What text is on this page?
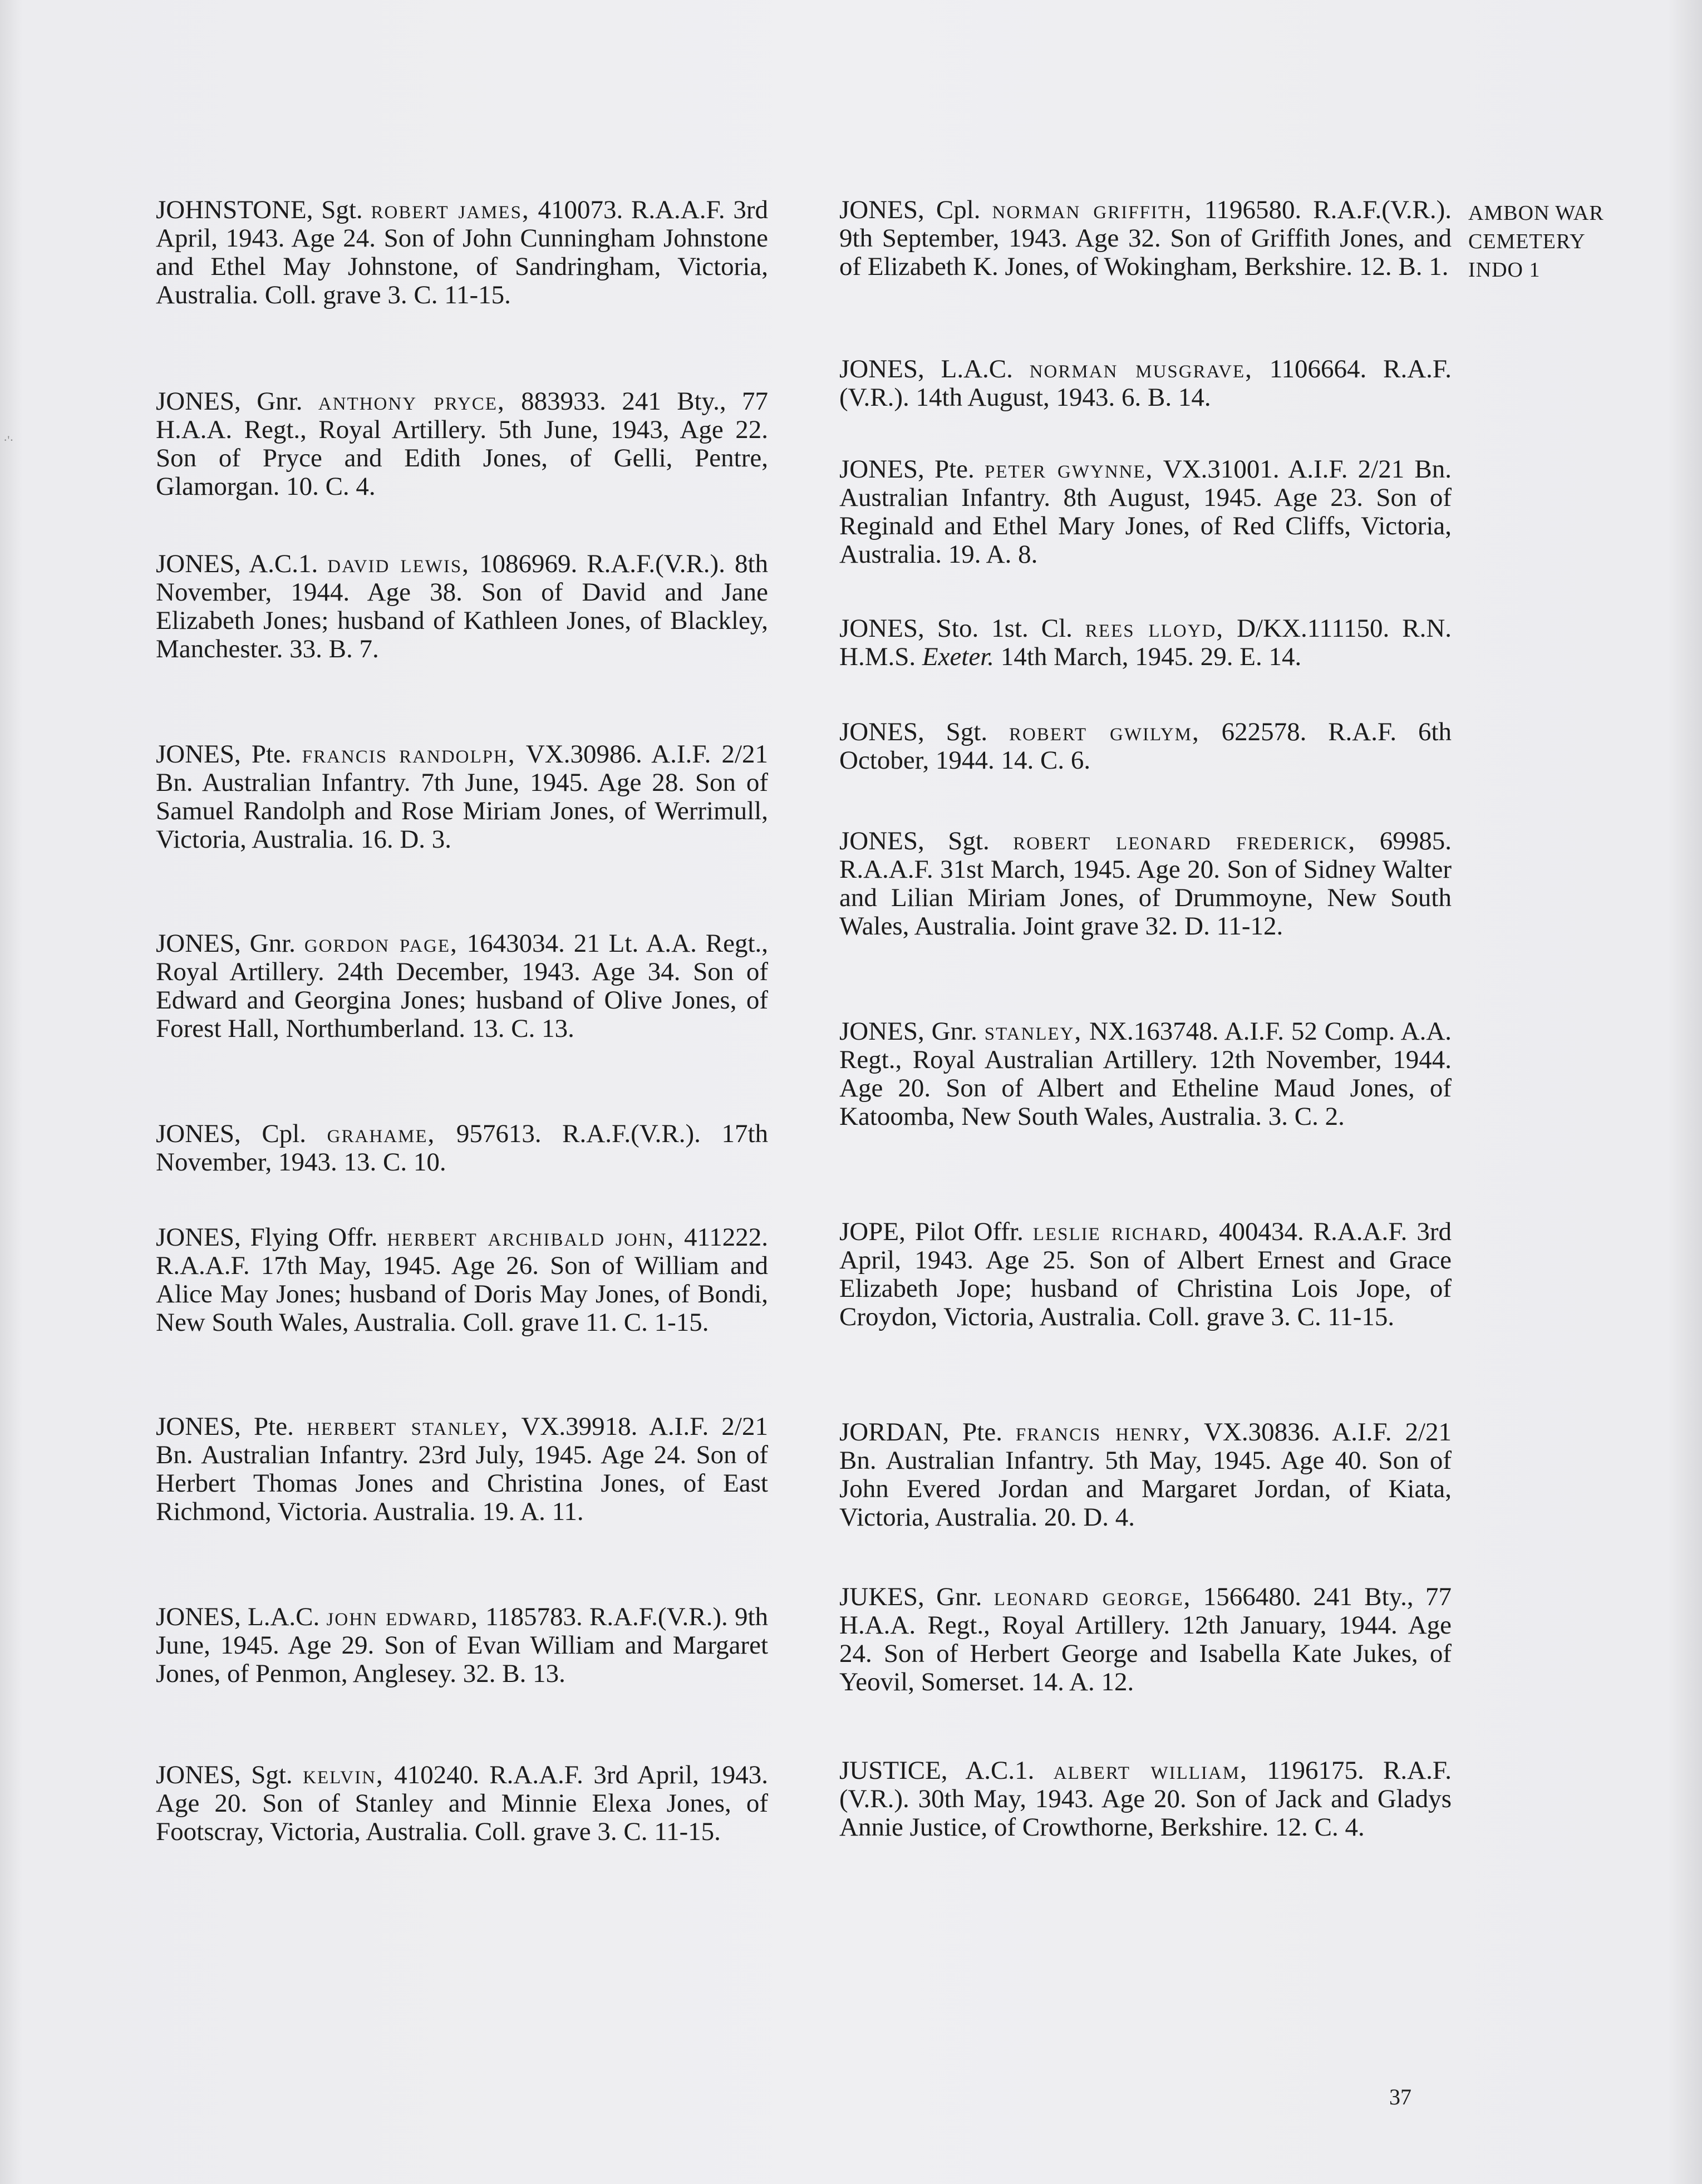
·'·

JOHNSTONE, Sgt. robert james, 410073. R.A.A.F. 3rd April, 1943. Age 24. Son of John Cunningham Johnstone and Ethel May Johnstone, of Sandringham, Victoria, Australia. Coll. grave 3. C. 11-15.

JONES, Gnr. anthony pryce, 883933. 241 Bty., 77 H.A.A. Regt., Royal Artillery. 5th June, 1943, Age 22. Son of Pryce and Edith Jones, of Gelli, Pentre, Glamorgan. 10. C. 4.

JONES, A.C.1. david lewis, 1086969. R.A.F.(V.R.). 8th November, 1944. Age 38. Son of David and Jane Elizabeth Jones; husband of Kathleen Jones, of Blackley, Manchester. 33. B. 7.

JONES, Pte. francis randolph, VX.30986. A.I.F. 2/21 Bn. Australian Infantry. 7th June, 1945. Age 28. Son of Samuel Randolph and Rose Miriam Jones, of Werrimull, Victoria, Australia. 16. D. 3.

JONES, Gnr. gordon page, 1643034. 21 Lt. A.A. Regt., Royal Artillery. 24th December, 1943. Age 34. Son of Edward and Georgina Jones; husband of Olive Jones, of Forest Hall, Northumberland. 13. C. 13.

JONES, Cpl. grahame, 957613. R.A.F.(V.R.). 17th November, 1943. 13. C. 10.

JONES, Flying Offr. herbert archibald john, 411222. R.A.A.F. 17th May, 1945. Age 26. Son of William and Alice May Jones; husband of Doris May Jones, of Bondi, New South Wales, Australia. Coll. grave 11. C. 1-15.

JONES, Pte. herbert stanley, VX.39918. A.I.F. 2/21 Bn. Australian Infantry. 23rd July, 1945. Age 24. Son of Herbert Thomas Jones and Christina Jones, of East Richmond, Victoria. Australia. 19. A. 11.

JONES, L.A.C. john edward, 1185783. R.A.F.(V.R.). 9th June, 1945. Age 29. Son of Evan William and Margaret Jones, of Penmon, Anglesey. 32. B. 13.

JONES, Sgt. kelvin, 410240. R.A.A.F. 3rd April, 1943. Age 20. Son of Stanley and Minnie Elexa Jones, of Footscray, Victoria, Australia. Coll. grave 3. C. 11-15.

JONES, Cpl. norman griffith, 1196580. R.A.F.(V.R.). 9th September, 1943. Age 32. Son of Griffith Jones, and of Elizabeth K. Jones, of Wokingham, Berkshire. 12. B. 1.

JONES, L.A.C. norman musgrave, 1106664. R.A.F.(V.R.). 14th August, 1943. 6. B. 14.

JONES, Pte. peter gwynne, VX.31001. A.I.F. 2/21 Bn. Australian Infantry. 8th August, 1945. Age 23. Son of Reginald and Ethel Mary Jones, of Red Cliffs, Victoria, Australia. 19. A. 8.

JONES, Sto. 1st. Cl. rees lloyd, D/KX.111150. R.N. H.M.S. Exeter. 14th March, 1945. 29. E. 14.

JONES, Sgt. robert gwilym, 622578. R.A.F. 6th October, 1944. 14. C. 6.

JONES, Sgt. robert leonard frederick, 69985. R.A.A.F. 31st March, 1945. Age 20. Son of Sidney Walter and Lilian Miriam Jones, of Drummoyne, New South Wales, Australia. Joint grave 32. D. 11-12.

JONES, Gnr. stanley, NX.163748. A.I.F. 52 Comp. A.A. Regt., Royal Australian Artillery. 12th November, 1944. Age 20. Son of Albert and Etheline Maud Jones, of Katoomba, New South Wales, Australia. 3. C. 2.

JOPE, Pilot Offr. leslie richard, 400434. R.A.A.F. 3rd April, 1943. Age 25. Son of Albert Ernest and Grace Elizabeth Jope; husband of Christina Lois Jope, of Croydon, Victoria, Australia. Coll. grave 3. C. 11-15.

JORDAN, Pte. francis henry, VX.30836. A.I.F. 2/21 Bn. Australian Infantry. 5th May, 1945. Age 40. Son of John Evered Jordan and Margaret Jordan, of Kiata, Victoria, Australia. 20. D. 4.

JUKES, Gnr. leonard george, 1566480. 241 Bty., 77 H.A.A. Regt., Royal Artillery. 12th January, 1944. Age 24. Son of Herbert George and Isabella Kate Jukes, of Yeovil, Somerset. 14. A. 12.

JUSTICE, A.C.1. albert william, 1196175. R.A.F.(V.R.). 30th May, 1943. Age 20. Son of Jack and Gladys Annie Justice, of Crowthorne, Berkshire. 12. C. 4.

AMBON WAR
CEMETERY
INDO 1
37
